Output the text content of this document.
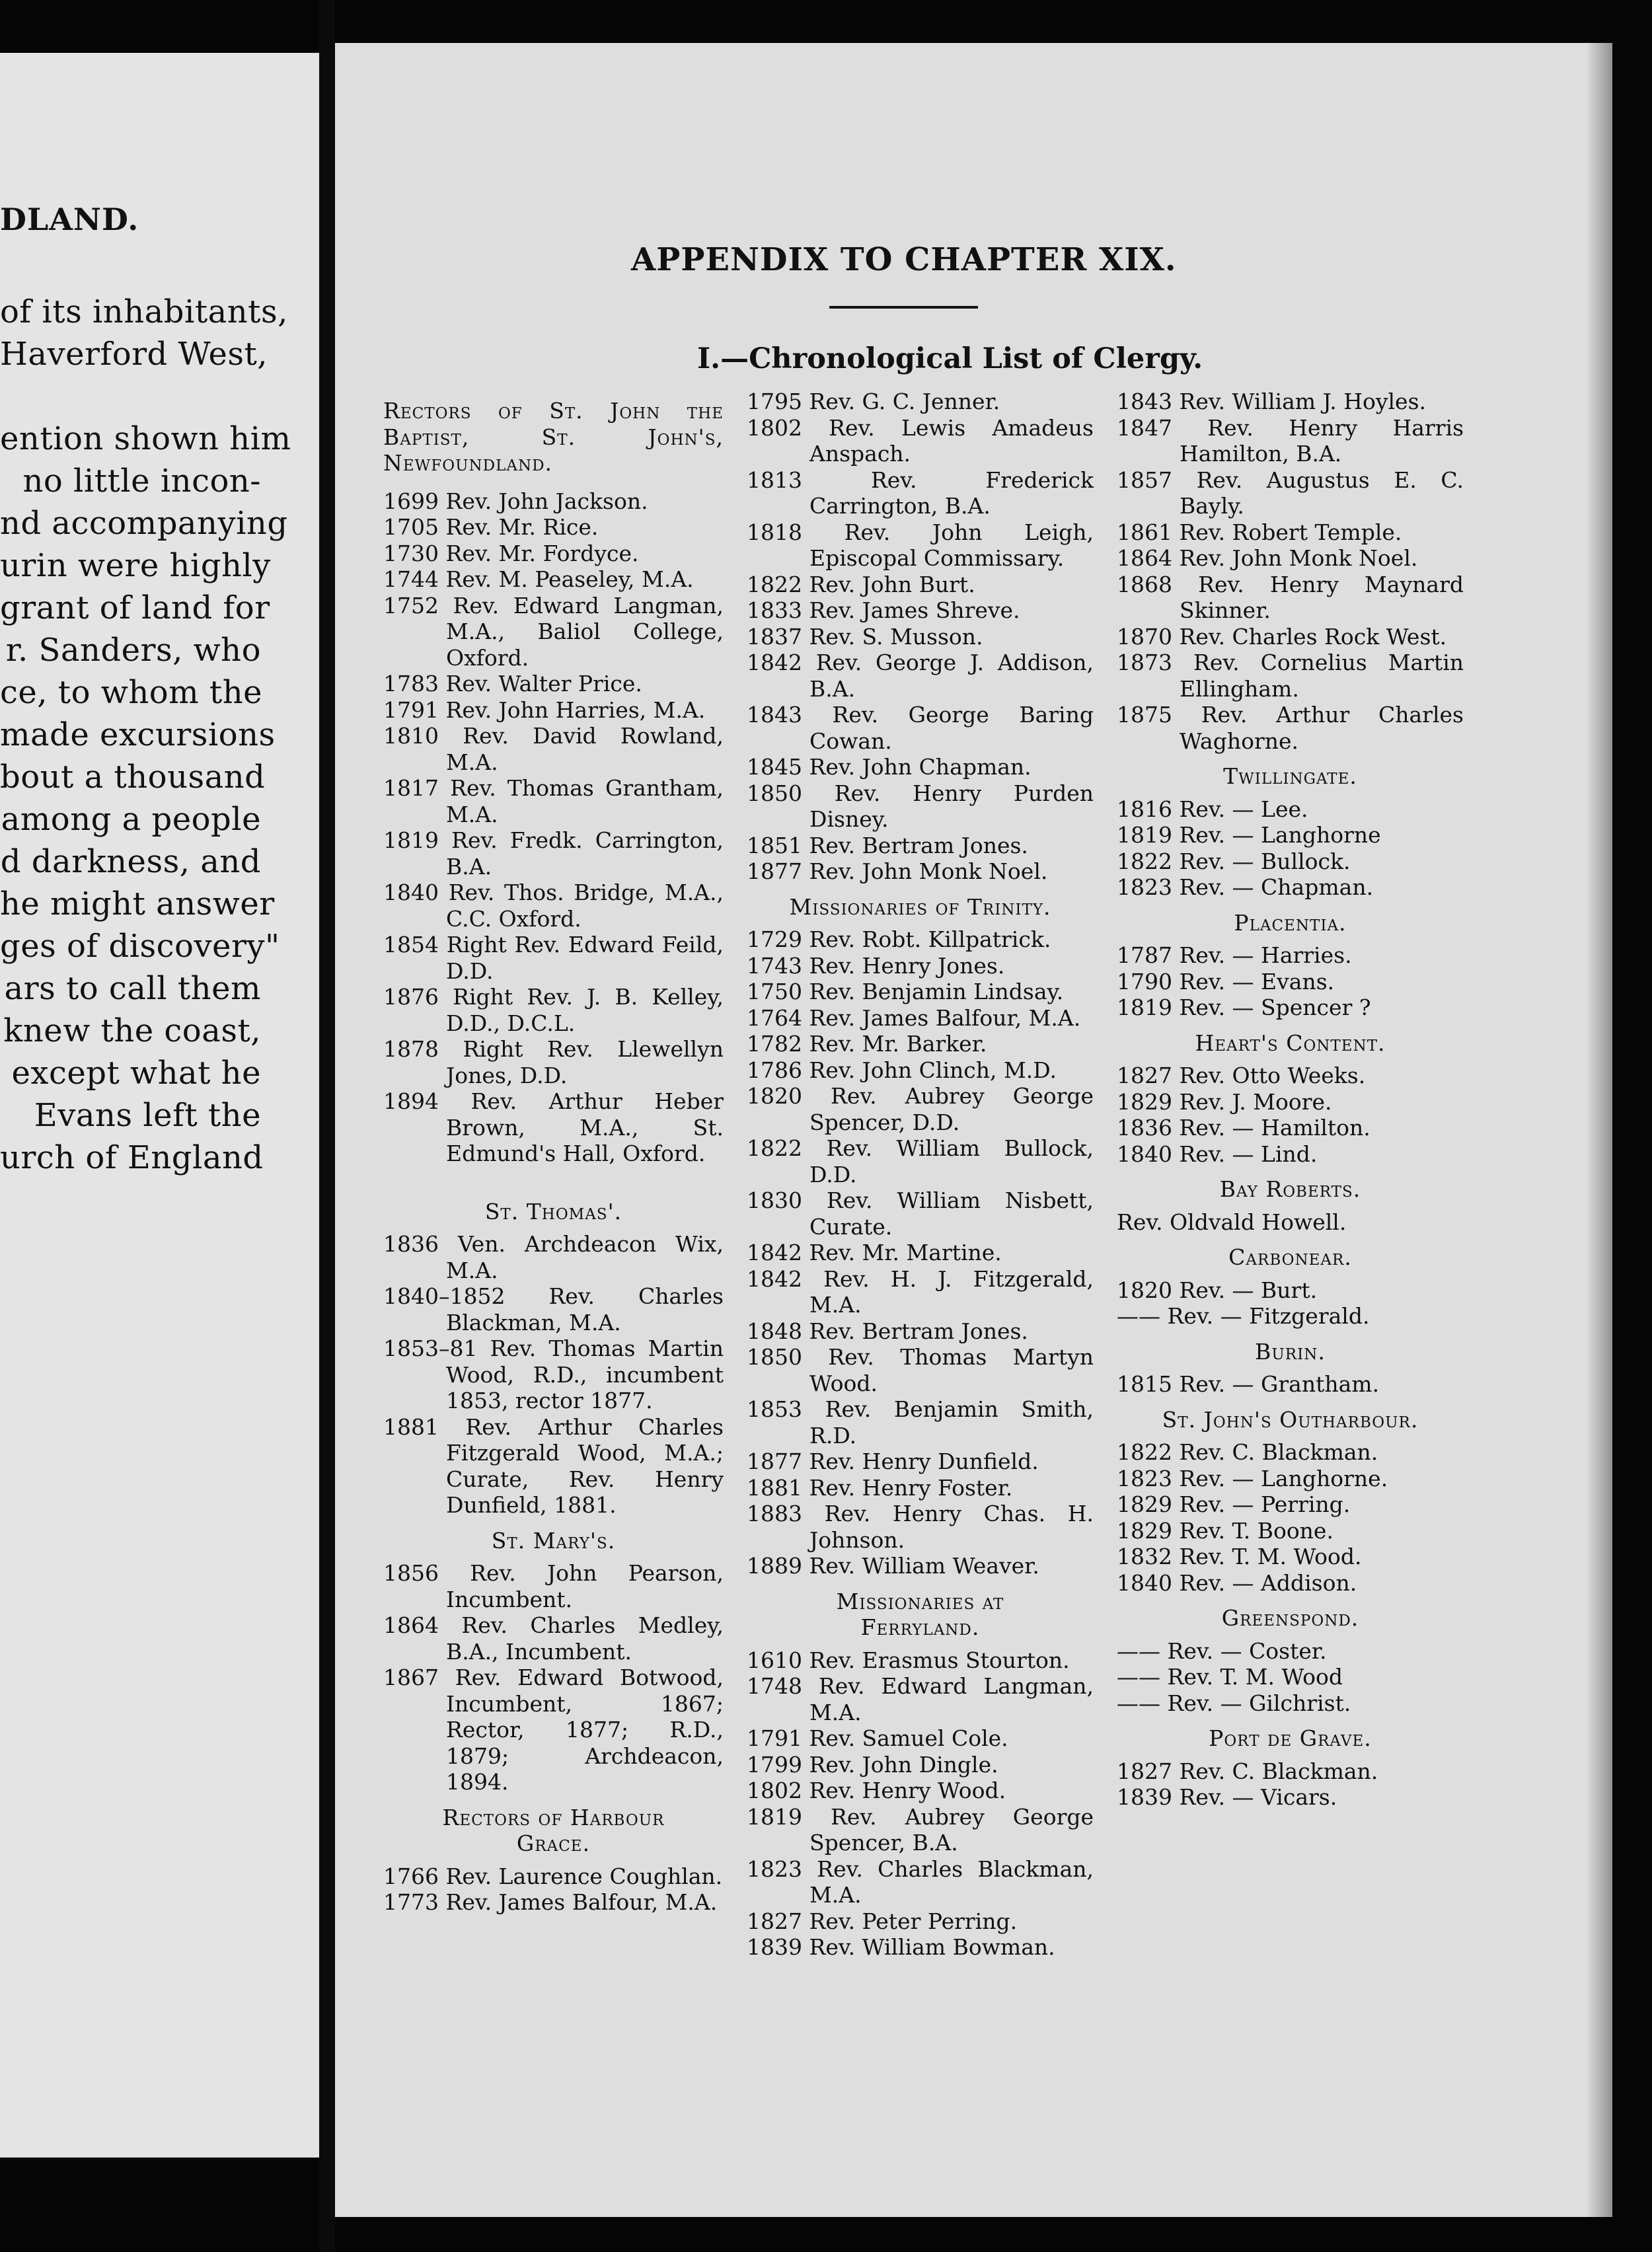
DLAND.
of its inhabitants,
Haverford West,
ention shown him
no little incon-
nd accompanying
urin were highly
grant of land for
r. Sanders, who
ce, to whom the
made excursions
bout a thousand
among a people
d darkness, and
he might answer
ges of discovery"
ars to call them
knew the coast,
except what he
Evans left the
urch of England
APPENDIX TO CHAPTER XIX.
I.—Chronological List of Clergy.
Rectors of St. John the Baptist, St. John's, Newfoundland.
1699 Rev. John Jackson.
1705 Rev. Mr. Rice.
1730 Rev. Mr. Fordyce.
1744 Rev. M. Peaseley, M.A.
1752 Rev. Edward Langman, M.A., Baliol College, Oxford.
1783 Rev. Walter Price.
1791 Rev. John Harries, M.A.
1810 Rev. David Rowland, M.A.
1817 Rev. Thomas Grantham, M.A.
1819 Rev. Fredk. Carrington, B.A.
1840 Rev. Thos. Bridge, M.A., C.C. Oxford.
1854 Right Rev. Edward Feild, D.D.
1876 Right Rev. J. B. Kelley, D.D., D.C.L.
1878 Right Rev. Llewellyn Jones, D.D.
1894 Rev. Arthur Heber Brown, M.A., St. Edmund's Hall, Oxford.
St. Thomas'.
1836 Ven. Archdeacon Wix, M.A.
1840–1852 Rev. Charles Blackman, M.A.
1853–81 Rev. Thomas Martin Wood, R.D., incumbent 1853, rector 1877.
1881 Rev. Arthur Charles Fitzgerald Wood, M.A.; Curate, Rev. Henry Dunfield, 1881.
St. Mary's.
1856 Rev. John Pearson, Incumbent.
1864 Rev. Charles Medley, B.A., Incumbent.
1867 Rev. Edward Botwood, Incumbent, 1867; Rector, 1877; R.D., 1879; Archdeacon, 1894.
Rectors of Harbour Grace.
1766 Rev. Laurence Coughlan.
1773 Rev. James Balfour, M.A.
1795 Rev. G. C. Jenner.
1802 Rev. Lewis Amadeus Anspach.
1813 Rev. Frederick Carrington, B.A.
1818 Rev. John Leigh, Episcopal Commissary.
1822 Rev. John Burt.
1833 Rev. James Shreve.
1837 Rev. S. Musson.
1842 Rev. George J. Addison, B.A.
1843 Rev. George Baring Cowan.
1845 Rev. John Chapman.
1850 Rev. Henry Purden Disney.
1851 Rev. Bertram Jones.
1877 Rev. John Monk Noel.
Missionaries of Trinity.
1729 Rev. Robt. Killpatrick.
1743 Rev. Henry Jones.
1750 Rev. Benjamin Lindsay.
1764 Rev. James Balfour, M.A.
1782 Rev. Mr. Barker.
1786 Rev. John Clinch, M.D.
1820 Rev. Aubrey George Spencer, D.D.
1822 Rev. William Bullock, D.D.
1830 Rev. William Nisbett, Curate.
1842 Rev. Mr. Martine.
1842 Rev. H. J. Fitzgerald, M.A.
1848 Rev. Bertram Jones.
1850 Rev. Thomas Martyn Wood.
1853 Rev. Benjamin Smith, R.D.
1877 Rev. Henry Dunfield.
1881 Rev. Henry Foster.
1883 Rev. Henry Chas. H. Johnson.
1889 Rev. William Weaver.
Missionaries at Ferryland.
1610 Rev. Erasmus Stourton.
1748 Rev. Edward Langman, M.A.
1791 Rev. Samuel Cole.
1799 Rev. John Dingle.
1802 Rev. Henry Wood.
1819 Rev. Aubrey George Spencer, B.A.
1823 Rev. Charles Blackman, M.A.
1827 Rev. Peter Perring.
1839 Rev. William Bowman.
1843 Rev. William J. Hoyles.
1847 Rev. Henry Harris Hamilton, B.A.
1857 Rev. Augustus E. C. Bayly.
1861 Rev. Robert Temple.
1864 Rev. John Monk Noel.
1868 Rev. Henry Maynard Skinner.
1870 Rev. Charles Rock West.
1873 Rev. Cornelius Martin Ellingham.
1875 Rev. Arthur Charles Waghorne.
Twillingate.
1816 Rev. — Lee.
1819 Rev. — Langhorne
1822 Rev. — Bullock.
1823 Rev. — Chapman.
Placentia.
1787 Rev. — Harries.
1790 Rev. — Evans.
1819 Rev. — Spencer ?
Heart's Content.
1827 Rev. Otto Weeks.
1829 Rev. J. Moore.
1836 Rev. — Hamilton.
1840 Rev. — Lind.
Bay Roberts.
Rev. Oldvald Howell.
Carbonear.
1820 Rev. — Burt.
—— Rev. — Fitzgerald.
Burin.
1815 Rev. — Grantham.
St. John's Outharbour.
1822 Rev. C. Blackman.
1823 Rev. — Langhorne.
1829 Rev. — Perring.
1829 Rev. T. Boone.
1832 Rev. T. M. Wood.
1840 Rev. — Addison.
Greenspond.
—— Rev. — Coster.
—— Rev. T. M. Wood
—— Rev. — Gilchrist.
Port de Grave.
1827 Rev. C. Blackman.
1839 Rev. — Vicars.
